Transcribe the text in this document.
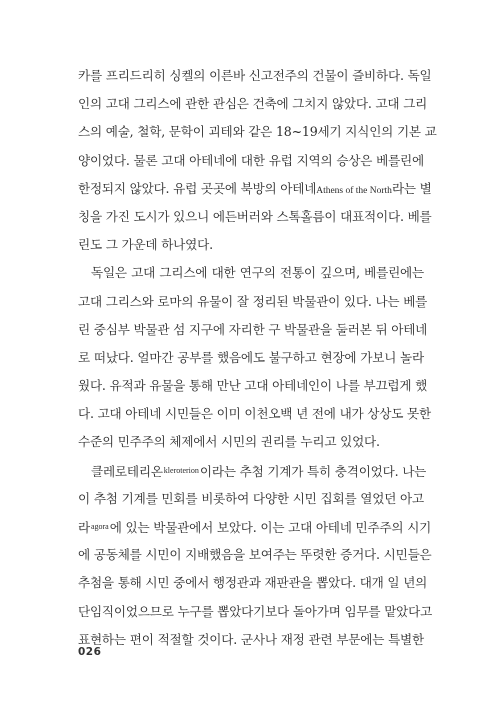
카를 프리드리히 싱켈의 이른바 신고전주의 건물이 즐비하다. 독일
인의 고대 그리스에 관한 관심은 건축에 그치지 않았다. 고대 그리
스의 예술, 철학, 문학이 괴테와 같은 18~19세기 지식인의 기본 교
양이었다. 물론 고대 아테네에 대한 유럽 지역의 승상은 베를린에
한정되지 않았다. 유럽 곳곳에 북방의 아테네Athens of the North라는 별
칭을 가진 도시가 있으니 에든버러와 스톡홀름이 대표적이다. 베를
린도 그 가운데 하나였다.
독일은 고대 그리스에 대한 연구의 전통이 깊으며, 베를린에는
고대 그리스와 로마의 유물이 잘 정리된 박물관이 있다. 나는 베를
린 중심부 박물관 섬 지구에 자리한 구 박물관을 둘러본 뒤 아테네
로 떠났다. 얼마간 공부를 했음에도 불구하고 현장에 가보니 놀라
웠다. 유적과 유물을 통해 만난 고대 아테네인이 나를 부끄럽게 했
다. 고대 아테네 시민들은 이미 이천오백 년 전에 내가 상상도 못한
수준의 민주주의 체제에서 시민의 권리를 누리고 있었다.
클레로테리온$^{kleroterion}$이라는 추첨 기계가 특히 충격이었다. 나는
이 추첨 기계를 민회를 비롯하여 다양한 시민 집회를 열었던 아고
라$^{agora}$에 있는 박물관에서 보았다. 이는 고대 아테네 민주주의 시기
에 공동체를 시민이 지배했음을 보여주는 뚜렷한 증거다. 시민들은
추첨을 통해 시민 중에서 행정관과 재판관을 뽑았다. 대개 일 년의
단임직이었으므로 누구를 뽑았다기보다 돌아가며 임무를 맡았다고
표현하는 편이 적절할 것이다. 군사나 재정 관련 부문에는 특별한
026
